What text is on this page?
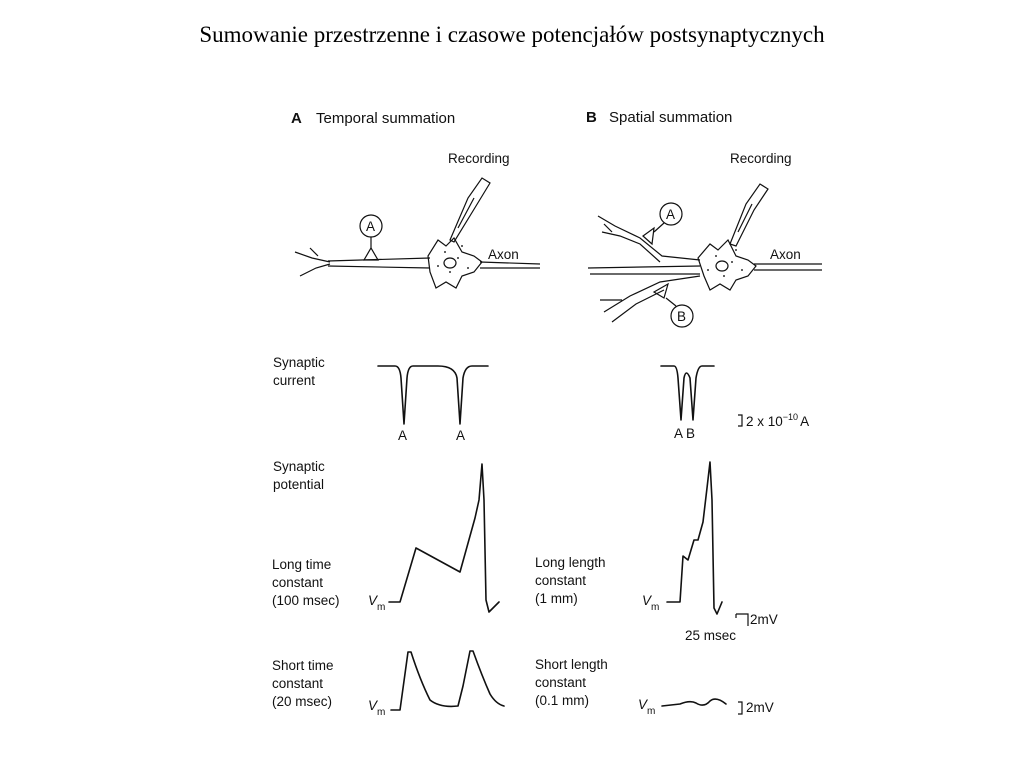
Sumowanie przestrzenne i czasowe potencjałów postsynaptycznych
A Temporal summation
A
Recording
Axon
B Spatial summation
A
B
Recording
Axon
Synaptic
current
Synaptic
potential
Long time
constant
(100 msec)
Short time
constant
(20 msec)
Long length
constant
(1 mm)
Short length
constant
(0.1 mm)
A	A	A B
2 x $10^{-10}$ A
$V_m$	$V_m$
2mV
25 msec
$V_m$
$V_m$	2mV
